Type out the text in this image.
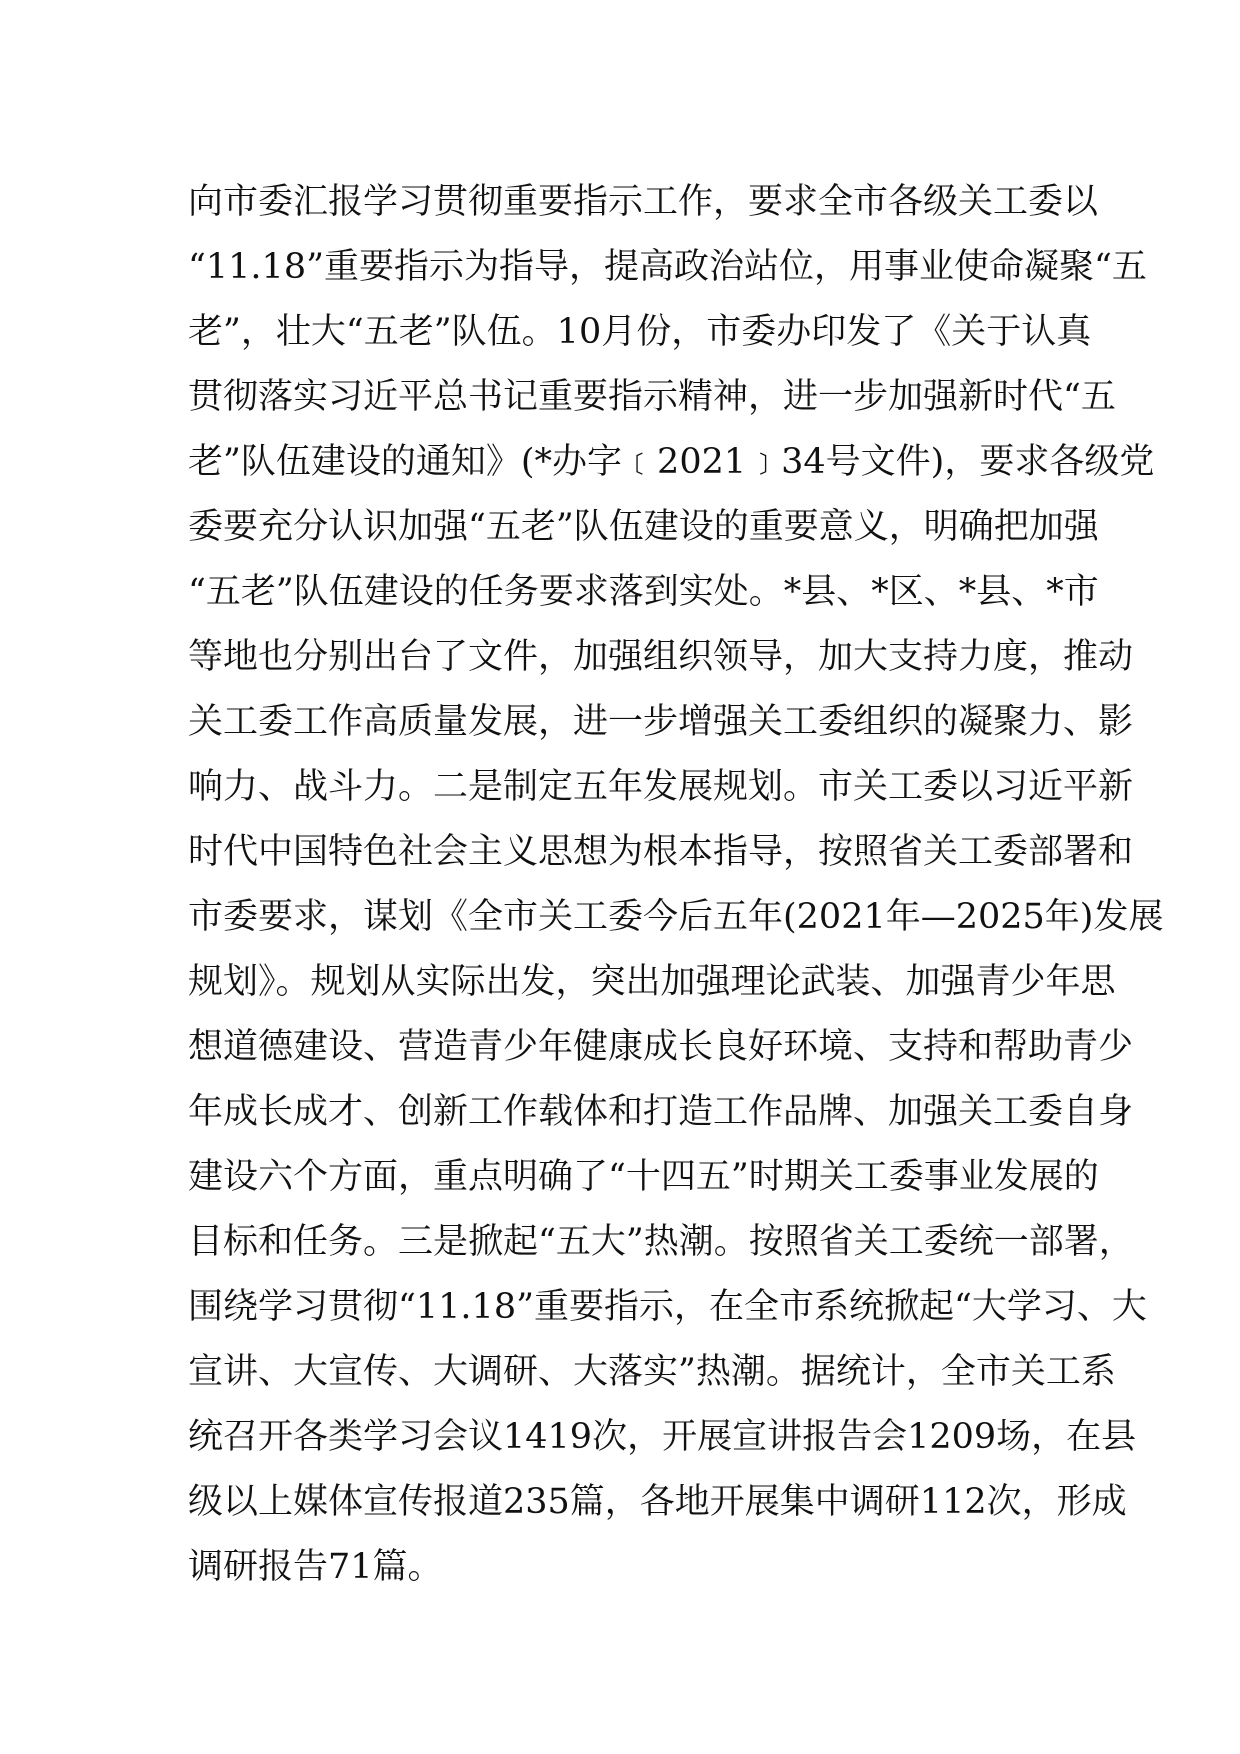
向市委汇报学习贯彻重要指示工作，要求全市各级关工委以
“11.18”重要指示为指导，提高政治站位，用事业使命凝聚“五
老”，壮大“五老”队伍。10月份，市委办印发了《关于认真
贯彻落实习近平总书记重要指示精神，进一步加强新时代“五
老”队伍建设的通知》(*办字﹝2021﹞34号文件)，要求各级党
委要充分认识加强“五老”队伍建设的重要意义，明确把加强
“五老”队伍建设的任务要求落到实处。*县、*区、*县、*市
等地也分别出台了文件，加强组织领导，加大支持力度，推动
关工委工作高质量发展，进一步增强关工委组织的凝聚力、影
响力、战斗力。二是制定五年发展规划。市关工委以习近平新
时代中国特色社会主义思想为根本指导，按照省关工委部署和
市委要求，谋划《全市关工委今后五年(2021年—2025年)发展
规划》。规划从实际出发，突出加强理论武装、加强青少年思
想道德建设、营造青少年健康成长良好环境、支持和帮助青少
年成长成才、创新工作载体和打造工作品牌、加强关工委自身
建设六个方面，重点明确了“十四五”时期关工委事业发展的
目标和任务。三是掀起“五大”热潮。按照省关工委统一部署，
围绕学习贯彻“11.18”重要指示，在全市系统掀起“大学习、大
宣讲、大宣传、大调研、大落实”热潮。据统计，全市关工系
统召开各类学习会议1419次，开展宣讲报告会1209场，在县
级以上媒体宣传报道235篇，各地开展集中调研112次，形成
调研报告71篇。
